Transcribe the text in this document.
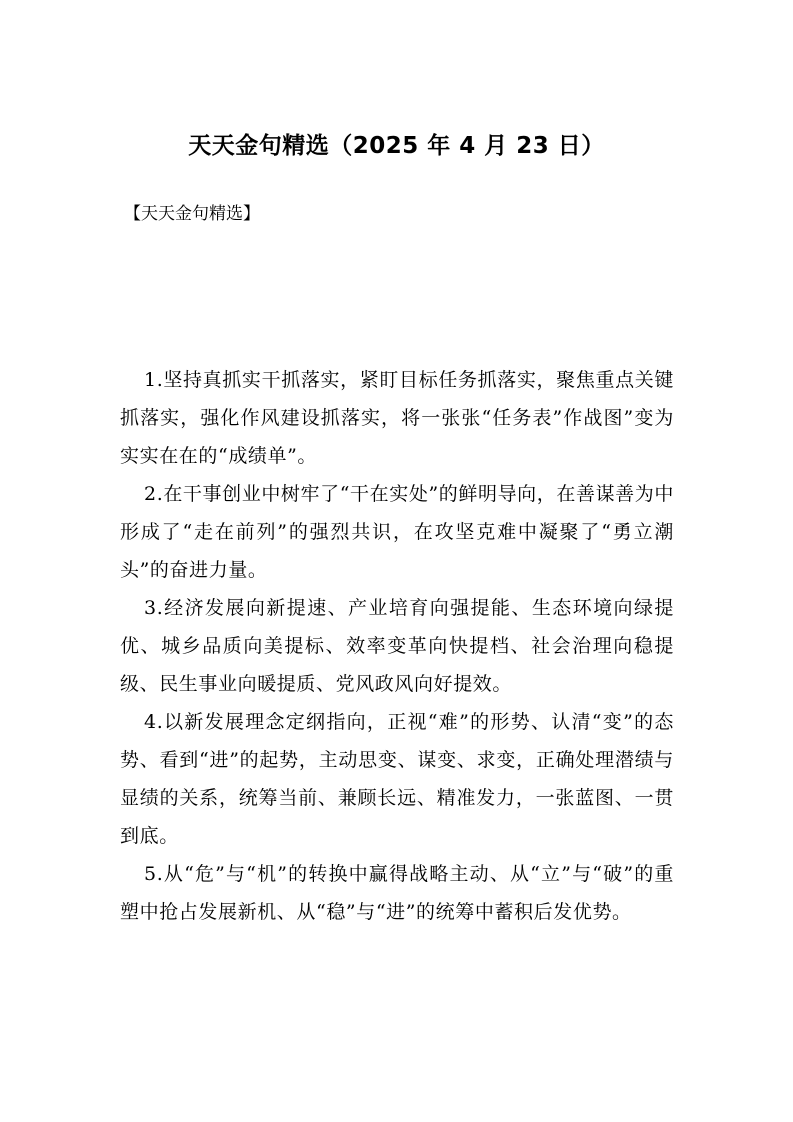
天天金句精选（2025 年 4 月 23 日）

【天天金句精选】

1.坚持真抓实干抓落实，紧盯目标任务抓落实，聚焦重点关键抓落实，强化作风建设抓落实，将一张张“任务表”作战图”变为实实在在的“成绩单”。

2.在干事创业中树牢了“干在实处”的鲜明导向，在善谋善为中形成了“走在前列”的强烈共识，在攻坚克难中凝聚了“勇立潮头”的奋进力量。

3.经济发展向新提速、产业培育向强提能、生态环境向绿提优、城乡品质向美提标、效率变革向快提档、社会治理向稳提级、民生事业向暖提质、党风政风向好提效。

4.以新发展理念定纲指向，正视“难”的形势、认清“变”的态势、看到“进”的起势，主动思变、谋变、求变，正确处理潜绩与显绩的关系，统筹当前、兼顾长远、精准发力，一张蓝图、一贯到底。

5.从“危”与“机”的转换中赢得战略主动、从“立”与“破”的重塑中抢占发展新机、从“稳”与“进”的统筹中蓄积后发优势。
